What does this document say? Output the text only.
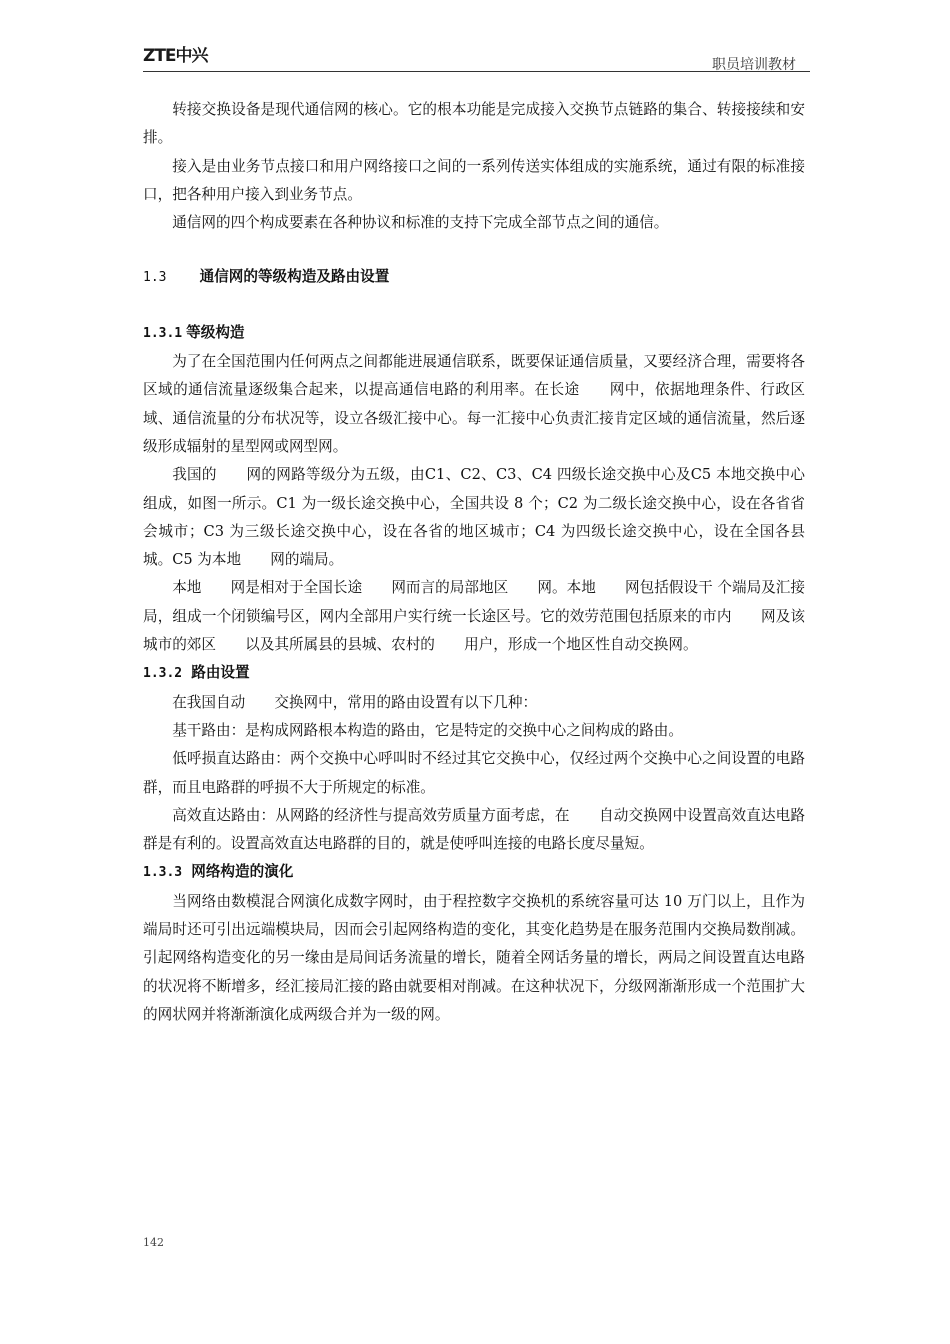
ZTE中兴	职员培训教材

转接交换设备是现代通信网的核心。它的根本功能是完成接入交换节点链路的集合、转接接续和安排。

接入是由业务节点接口和用户网络接口之间的一系列传送实体组成的实施系统，通过有限的标准接口，把各种用户接入到业务节点。

通信网的四个构成要素在各种协议和标准的支持下完成全部节点之间的通信。

1.3 通信网的等级构造及路由设置
1.3.1 等级构造

为了在全国范围内任何两点之间都能进展通信联系，既要保证通信质量，又要经济合理，需要将各区域的通信流量逐级集合起来，以提高通信电路的利用率。在长途　　网中，依据地理条件、行政区域、通信流量的分布状况等，设立各级汇接中心。每一汇接中心负责汇接肯定区域的通信流量，然后逐级形成辐射的星型网或网型网。

我国的　　网的网路等级分为五级，由C1、C2、C3、C4 四级长途交换中心及C5 本地交换中心组成，如图一所示。C1 为一级长途交换中心，全国共设 8 个；C2 为二级长途交换中心，设在各省省会城市；C3 为三级长途交换中心，设在各省的地区城市；C4 为四级长途交换中心，设在全国各县城。C5 为本地　　网的端局。

本地　　网是相对于全国长途　　网而言的局部地区　　网。本地　　网包括假设干 个端局及汇接局，组成一个闭锁编号区，网内全部用户实行统一长途区号。它的效劳范围包括原来的市内　　网及该城市的郊区　　以及其所属县的县城、农村的　　用户，形成一个地区性自动交换网。

1.3.2 路由设置

在我国自动　　交换网中，常用的路由设置有以下几种：

基干路由：是构成网路根本构造的路由，它是特定的交换中心之间构成的路由。

低呼损直达路由：两个交换中心呼叫时不经过其它交换中心，仅经过两个交换中心之间设置的电路群，而且电路群的呼损不大于所规定的标准。

高效直达路由：从网路的经济性与提高效劳质量方面考虑，在　　自动交换网中设置高效直达电路群是有利的。设置高效直达电路群的目的，就是使呼叫连接的电路长度尽量短。

1.3.3 网络构造的演化

当网络由数模混合网演化成数字网时，由于程控数字交换机的系统容量可达 10 万门以上，且作为端局时还可引出远端模块局，因而会引起网络构造的变化，其变化趋势是在服务范围内交换局数削减。引起网络构造变化的另一缘由是局间话务流量的增长，随着全网话务量的增长，两局之间设置直达电路的状况将不断增多，经汇接局汇接的路由就要相对削减。在这种状况下，分级网渐渐形成一个范围扩大的网状网并将渐渐演化成两级合并为一级的网。

142
